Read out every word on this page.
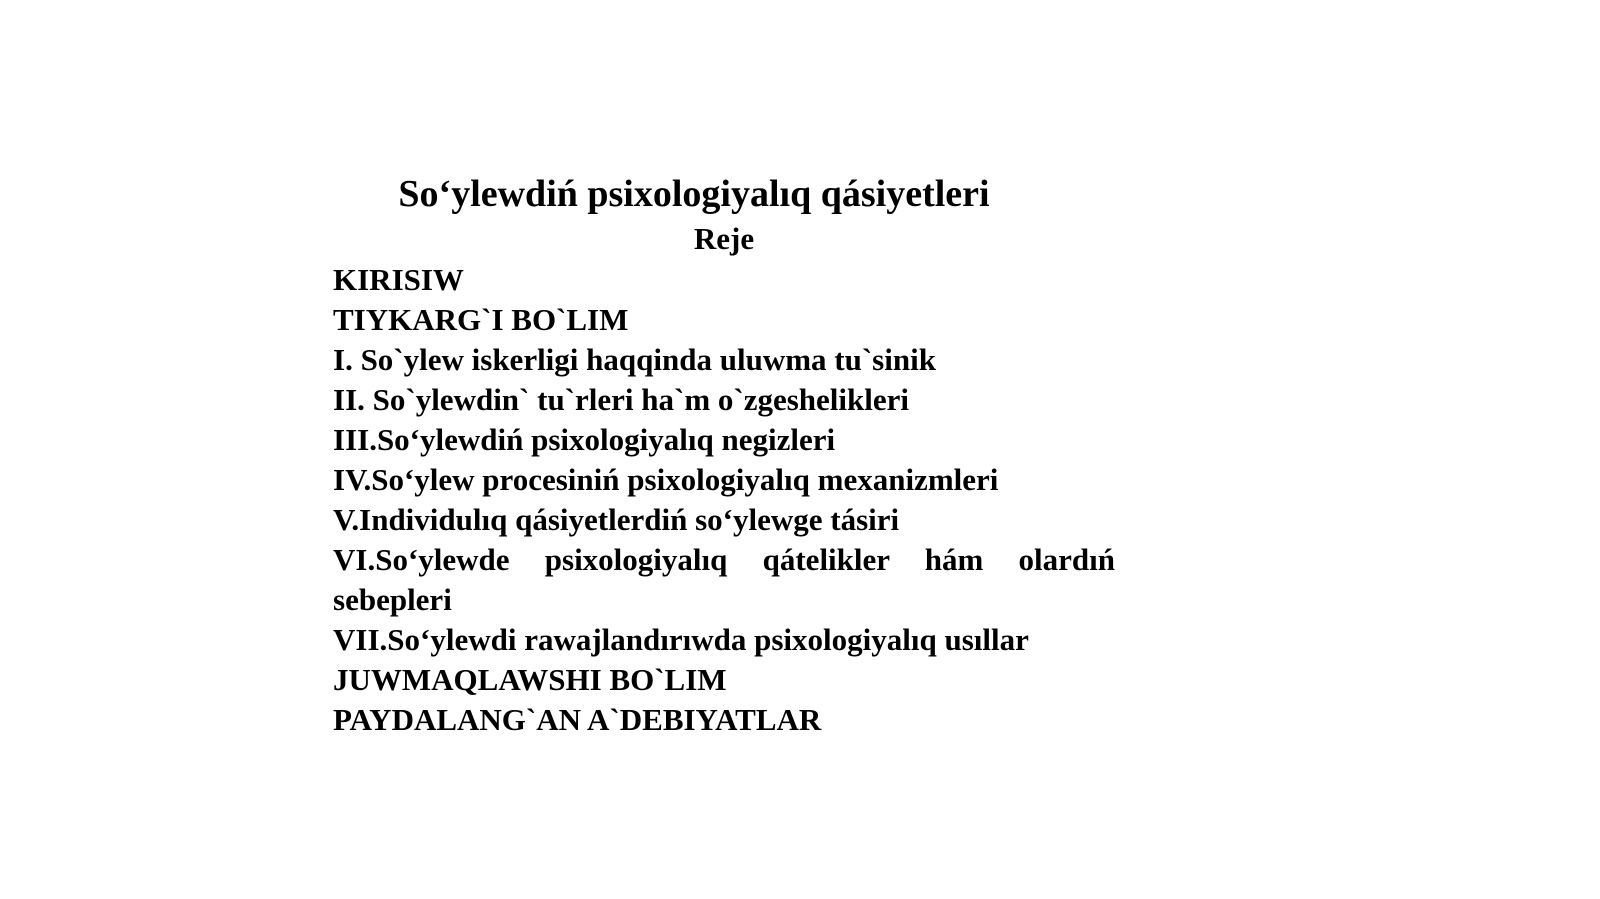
So‘ylewdiń psixologiyalıq qásiyetleri
Reje
KIRISIW
TIYKARG`I BO`LIM
I. So`ylew iskerligi haqqinda uluwma tu`sinik
II. So`ylewdin` tu`rleri ha`m o`zgeshelikleri
III.So‘ylewdiń psixologiyalıq negizleri
IV.So‘ylew procesiniń psixologiyalıq mexanizmleri
V.Individulıq qásiyetlerdiń so‘ylewge tásiri
VI.So‘ylewde psixologiyalıq qátelikler hám olardıń sebepleri
VII.So‘ylewdi rawajlandırıwda psixologiyalıq usıllar
JUWMAQLAWSHI BO`LIM
PAYDALANG`AN A`DEBIYATLAR
